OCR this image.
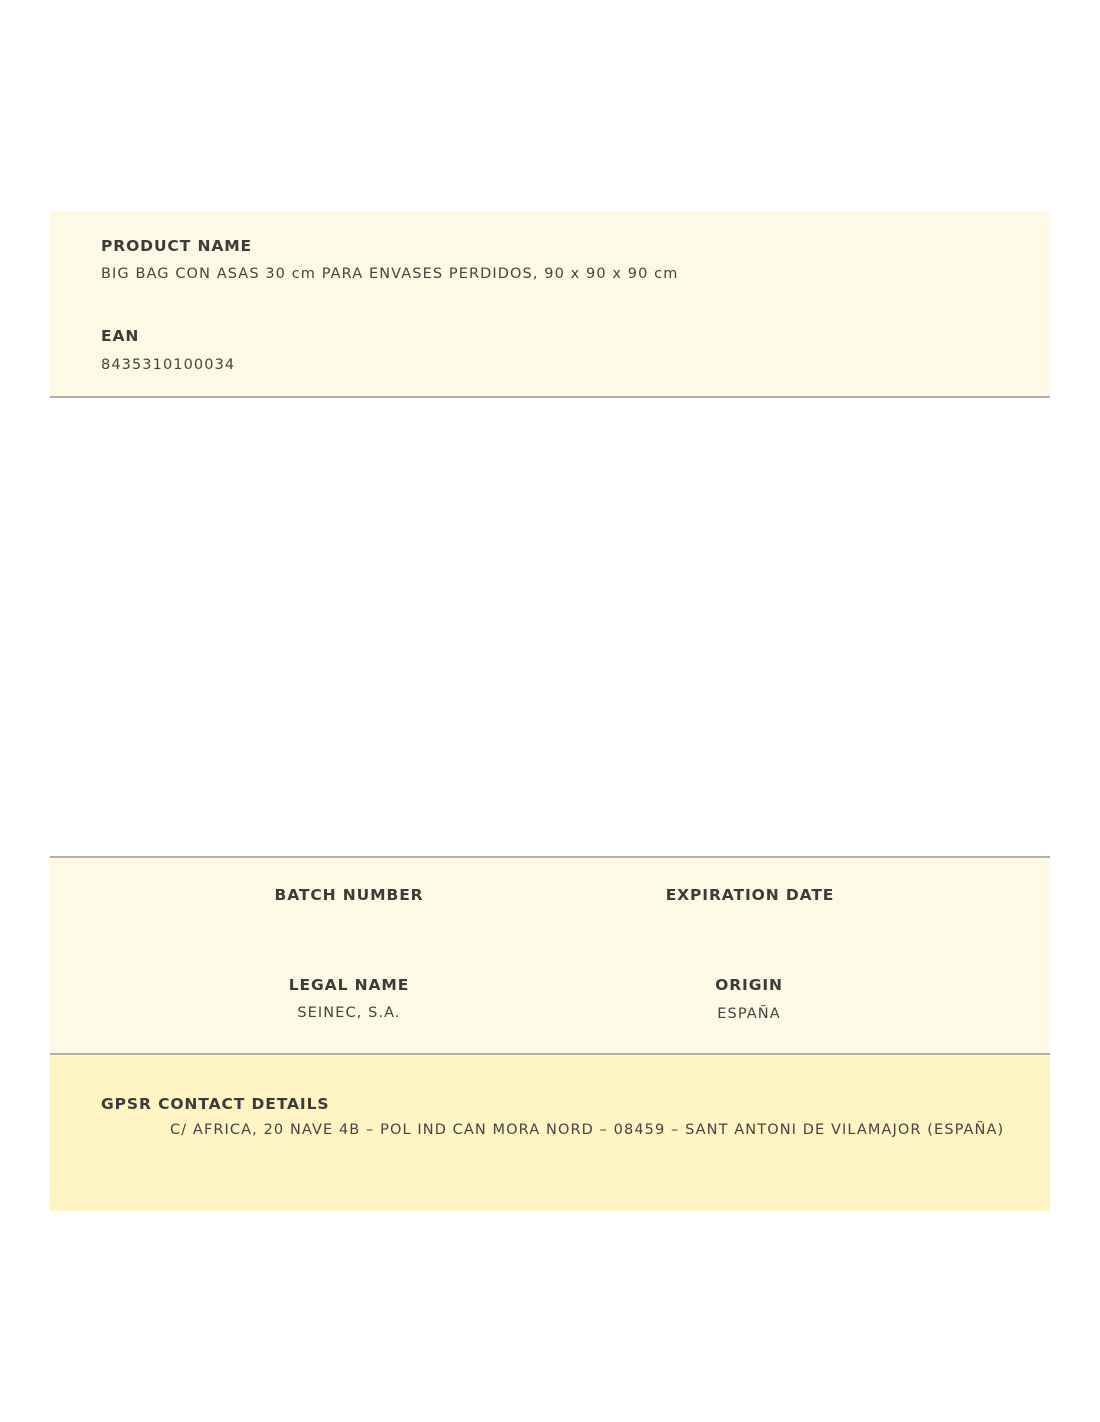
PRODUCT NAME
BIG BAG CON ASAS 30 cm PARA ENVASES PERDIDOS, 90 x 90 x 90 cm
EAN
8435310100034
BATCH NUMBER	EXPIRATION DATE
LEGAL NAME
SEINEC, S.A.
ORIGIN
ESPAÑA
GPSR CONTACT DETAILS
C/ AFRICA, 20 NAVE 4B – POL IND CAN MORA NORD – 08459 – SANT ANTONI DE VILAMAJOR (ESPAÑA)
